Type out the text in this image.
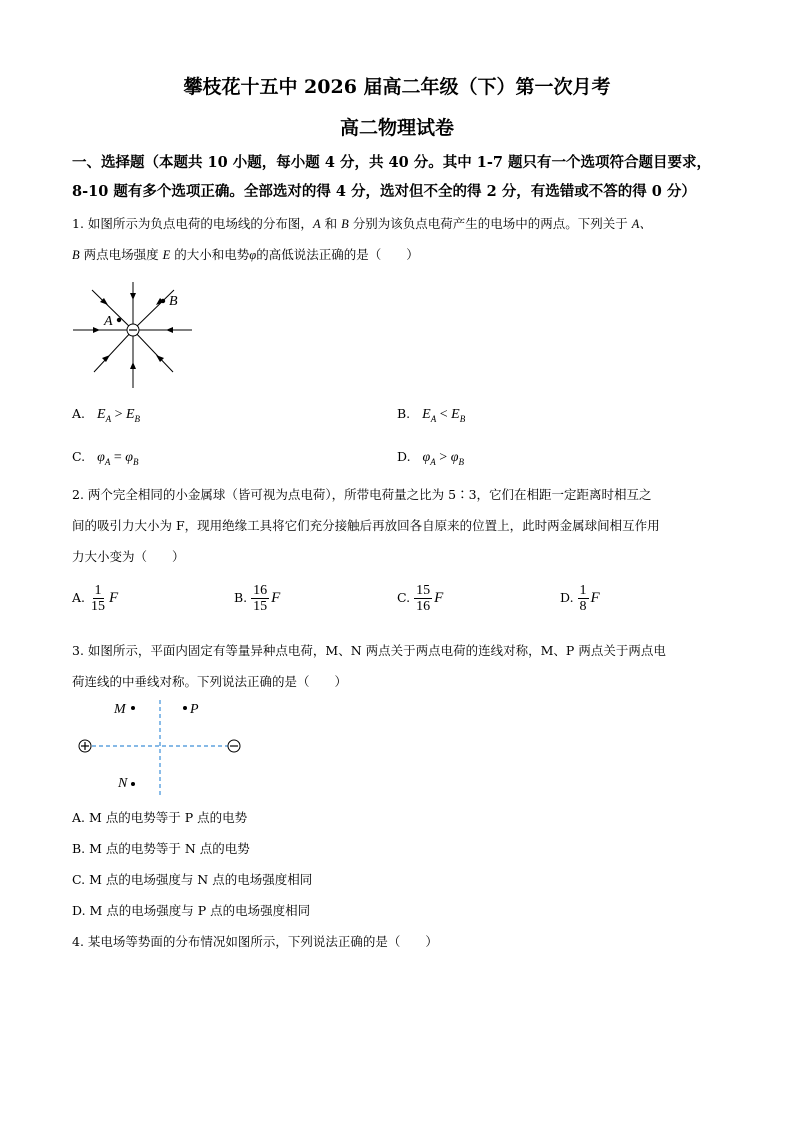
攀枝花十五中 2026 届高二年级（下）第一次月考
高二物理试卷
一、选择题（本题共 10 小题，每小题 4 分，共 40 分。其中 1-7 题只有一个选项符合题目要求，
8-10 题有多个选项正确。全部选对的得 4 分，选对但不全的得 2 分，有选错或不答的得 0 分）
1. 如图所示为负点电荷的电场线的分布图，A 和 B 分别为该负点电荷产生的电场中的两点。下列关于 A、
B 两点电场强度 E 的大小和电势φ的高低说法正确的是（　　）
A
B
A. $E_A > E_B$	B. $E_A < E_B$
C. $\varphi_A = \varphi_B$	D. $\varphi_A > \varphi_B$
2. 两个完全相同的小金属球（皆可视为点电荷），所带电荷量之比为 5∶3，它们在相距一定距离时相互之
间的吸引力大小为 F，现用绝缘工具将它们充分接触后再放回各自原来的位置上，此时两金属球间相互作用
力大小变为（　　）
A. $\frac{1}{15}$ F	B. $\frac{16}{15}$ F	C. $\frac{15}{16}$ F	D. $\frac{1}{8}$ F
3. 如图所示，平面内固定有等量异种点电荷，M、N 两点关于两点电荷的连线对称，M、P 两点关于两点电
荷连线的中垂线对称。下列说法正确的是（　　）
M	P
N
A. M 点的电势等于 P 点的电势
B. M 点的电势等于 N 点的电势
C. M 点的电场强度与 N 点的电场强度相同
D. M 点的电场强度与 P 点的电场强度相同
4. 某电场等势面的分布情况如图所示，下列说法正确的是（　　）
